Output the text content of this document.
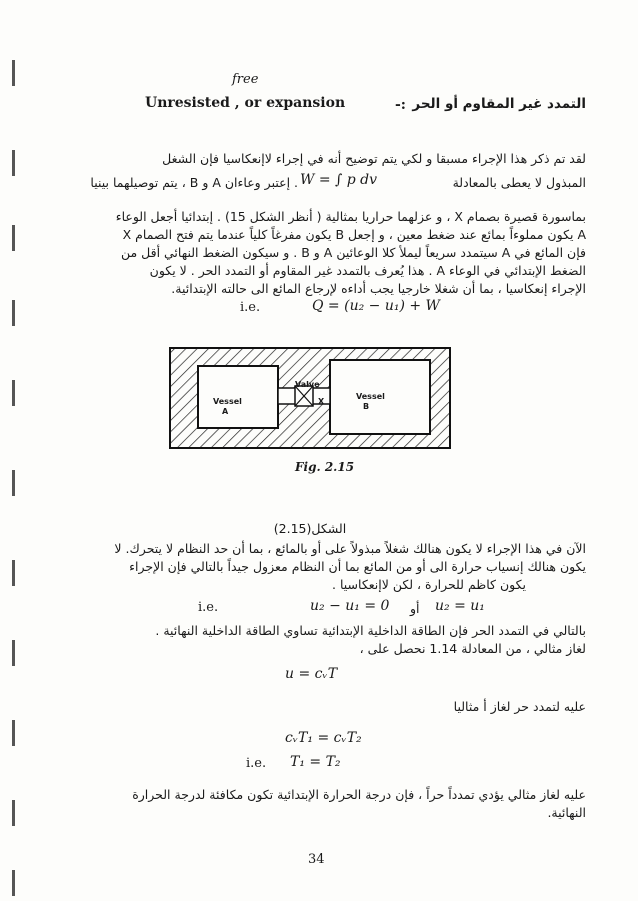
free
Unresisted , or expansion	-: التمدد غير المقاوم أو الحر
لقد تم ذكر هذا الإجراء مسبقا و لكي يتم توضيح أنه في إجراء لاإنعكاسيا فإن الشغل
المبذول لا يعطى بالمعادلة
W = ∫ p dv
. إعتبر وعاءان A و B ، يتم توصيلهما بينيا
بماسورة قصيرة بصمام X ، و عزلهما حراريا بمثالية ( أنظر الشكل 15) . إبتدائيا أجعل الوعاء
A يكون مملوءاً بمائع عند ضغط معين ، و إجعل B يكون مفرغاً كلياً عندما يتم فتح الصمام X
فإن المائع في A سيتمدد سريعاً ليملأ كلا الوعائين A و B . و سيكون الضغط النهائي أقل من
الضغط الإبتدائي في الوعاء A . هذا يُعرف بالتمدد غير المقاوم أو التمدد الحر . لا يكون
الإجراء إنعكاسيا ، بما أن شغلا خارجيا يجب أداءه لإرجاع المائع الى حالته الإبتدائية.
i.e.	Q = (u₂ − u₁) + W
Vessel
A
Valve
X
Vessel
B
Fig. 2.15
الشكل(2.15)
الآن في هذا الإجراء لا يكون هنالك شغلاً مبذولاً على أو بالمائع ، بما أن حد النظام لا يتحرك. لا
يكون هنالك إنسياب حرارة الى أو من المائع بما أن النظام معزول جيداً بالتالي فإن الإجراء
يكون كاظم للحرارة ، لكن لاإنعكاسيا .
i.e.	u₂ − u₁ = 0 أو u₂ = u₁
بالتالي في التمدد الحر فإن الطاقة الداخلية الإبتدائية تساوي الطاقة الداخلية النهائية .
لغاز مثالي ، من المعادلة 1.14 نحصل على ،
u = cᵥT
عليه لتمدد حر لغاز أ مثاليا
cᵥT₁ = cᵥT₂
i.e. T₁ = T₂
عليه لغاز مثالي يؤدي تمدداً حراً ، فإن درجة الحرارة الإبتدائية تكون مكافئة لدرجة الحرارة
النهائية.
34
